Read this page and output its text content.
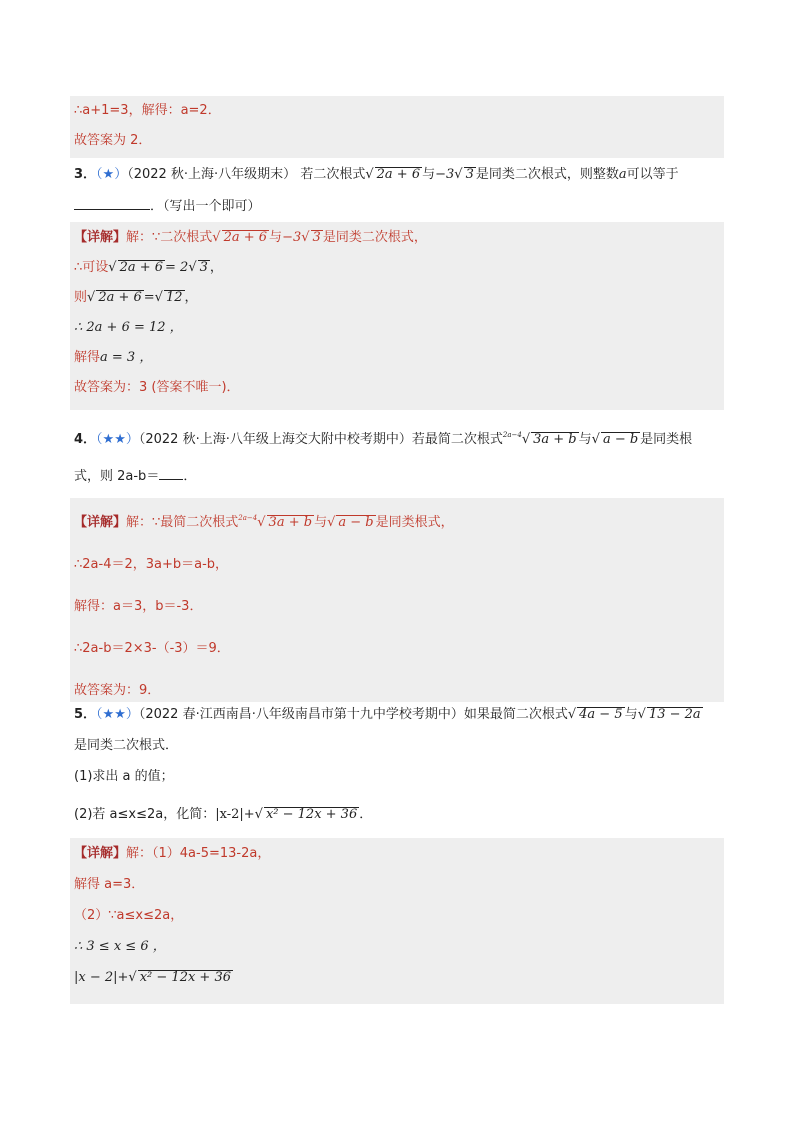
∴a+1=3，解得：a=2．
故答案为 2．
3．（★）（2022 秋·上海·八年级期末） 若二次根式√ 2a + 6 与−3√ 3 是同类二次根式，则整数a可以等于
．（写出一个即可）
【详解】解：∵二次根式√ 2a + 6 与−3√ 3 是同类二次根式，
∴可设√ 2a + 6 = 2√ 3 ，
则√ 2a + 6 =√ 12 ，
∴ 2a + 6 = 12 ，
解得a = 3 ，
故答案为：3 (答案不唯一)．
4．（★★）（2022 秋·上海·八年级上海交大附中校考期中）若最简二次根式$^{2a-4}$√ 3a + b 与√ a − b 是同类根
式，则 2a-b＝ ．
【详解】解：∵最简二次根式$^{2a-4}$√ 3a + b 与√ a − b 是同类根式，
∴2a-4＝2，3a+b＝a-b，
解得：a＝3，b＝-3．
∴2a-b＝2×3-（-3）＝9．
故答案为：9．
5．（★★）（2022 春·江西南昌·八年级南昌市第十九中学校考期中）如果最简二次根式√ 4a − 5 与√ 13 − 2a
是同类二次根式．
(1)求出 a 的值；
(2)若 a≤x≤2a，化简：|x-2|+√ x² − 12x + 36 ．
【详解】解：（1）4a-5=13-2a，
解得 a=3．
（2）∵a≤x≤2a，
∴ 3 ≤ x ≤ 6 ，
|x − 2|+√ x² − 12x + 36
